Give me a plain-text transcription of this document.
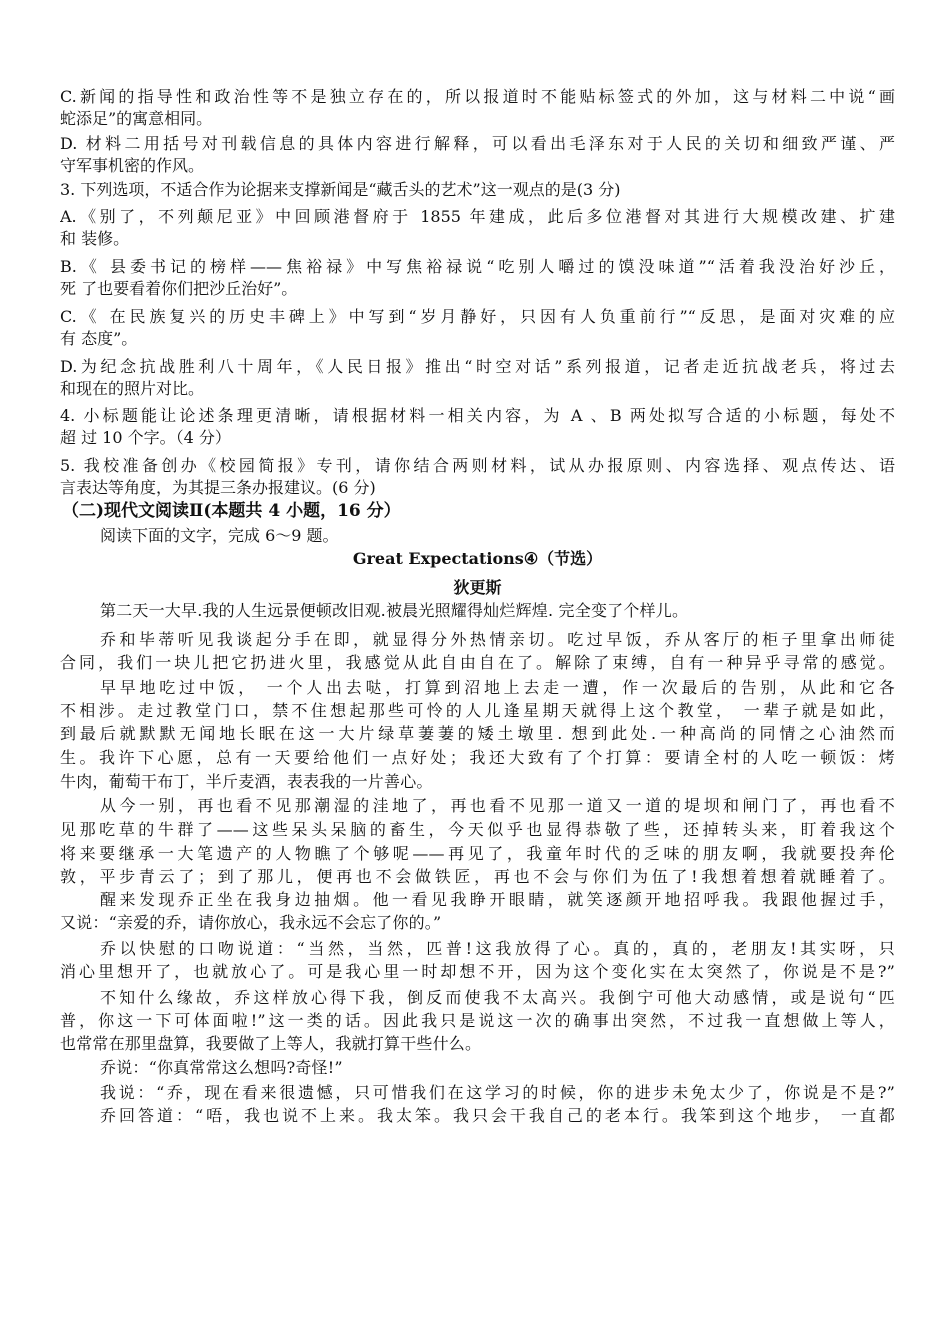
C.新闻的指导性和政治性等不是独立存在的，所以报道时不能贴标签式的外加，这与材料二中说“画
蛇添足”的寓意相同。
D. 材料二用括号对刊载信息的具体内容进行解释，可以看出毛泽东对于人民的关切和细致严谨、严
守军事机密的作风。
3. 下列选项，不适合作为论据来支撑新闻是“藏舌头的艺术”这一观点的是(3 分)
A.《别了，不列颠尼亚》中回顾港督府于 1855 年建成，此后多位港督对其进行大规模改建、扩建
和 装修。
B.《 县委书记的榜样——焦裕禄》中写焦裕禄说“吃别人嚼过的馍没味道”“活着我没治好沙丘，
死 了也要看着你们把沙丘治好”。
C.《 在民族复兴的历史丰碑上》中写到“岁月静好，只因有人负重前行”“反思，是面对灾难的应
有 态度”。
D.为纪念抗战胜利八十周年，《人民日报》推出“时空对话”系列报道，记者走近抗战老兵，将过去
和现在的照片对比。
4. 小标题能让论述条理更清晰，请根据材料一相关内容，为 A 、B 两处拟写合适的小标题，每处不
超 过 10 个字。（4 分）
5. 我校准备创办《校园简报》专刊，请你结合两则材料，试从办报原则、内容选择、观点传达、语
言表达等角度，为其提三条办报建议。(6 分)
（二)现代文阅读Ⅱ(本题共 4 小题，16 分）
阅读下面的文字，完成 6～9 题。
Great Expectations④（节选）
狄更斯
第二天一大早.我的人生远景便顿改旧观.被晨光照耀得灿烂辉煌. 完全变了个样儿。
乔和毕蒂听见我谈起分手在即，就显得分外热情亲切。吃过早饭，乔从客厅的柜子里拿出师徒
合同，我们一块儿把它扔进火里，我感觉从此自由自在了。解除了束缚，自有一种异乎寻常的感觉。
早早地吃过中饭， 一个人出去哒，打算到沼地上去走一遭，作一次最后的告别，从此和它各
不相涉。走过教堂门口，禁不住想起那些可怜的人儿逢星期天就得上这个教堂， 一辈子就是如此，
到最后就默默无闻地长眠在这一大片绿草萋萋的矮土墩里. 想到此处.一种高尚的同情之心油然而
生。我许下心愿，总有一天要给他们一点好处；我还大致有了个打算：要请全村的人吃一顿饭：烤
牛肉，葡萄干布丁，半斤麦酒，表表我的一片善心。
从今一别，再也看不见那潮湿的洼地了，再也看不见那一道又一道的堤坝和闸门了，再也看不
见那吃草的牛群了——这些呆头呆脑的畜生，今天似乎也显得恭敬了些，还掉转头来，盯着我这个
将来要继承一大笔遗产的人物瞧了个够呢——再见了，我童年时代的乏味的朋友啊，我就要投奔伦
敦，平步青云了；到了那儿，便再也不会做铁匠，再也不会与你们为伍了!我想着想着就睡着了。
醒来发现乔正坐在我身边抽烟。他一看见我睁开眼睛，就笑逐颜开地招呼我。我跟他握过手，
又说：“亲爱的乔，请你放心，我永远不会忘了你的。”
乔以快慰的口吻说道：“当然，当然，匹普!这我放得了心。真的，真的，老朋友!其实呀，只
消心里想开了，也就放心了。可是我心里一时却想不开，因为这个变化实在太突然了，你说是不是?”
不知什么缘故，乔这样放心得下我，倒反而使我不太高兴。我倒宁可他大动感情，或是说句“匹
普，你这一下可体面啦!”这一类的话。因此我只是说这一次的确事出突然，不过我一直想做上等人，
也常常在那里盘算，我要做了上等人，我就打算干些什么。
乔说：“你真常常这么想吗?奇怪!”
我说：“乔，现在看来很遗憾，只可惜我们在这学习的时候，你的进步未免太少了，你说是不是?”
乔回答道：“唔，我也说不上来。我太笨。我只会干我自己的老本行。我笨到这个地步， 一直都
